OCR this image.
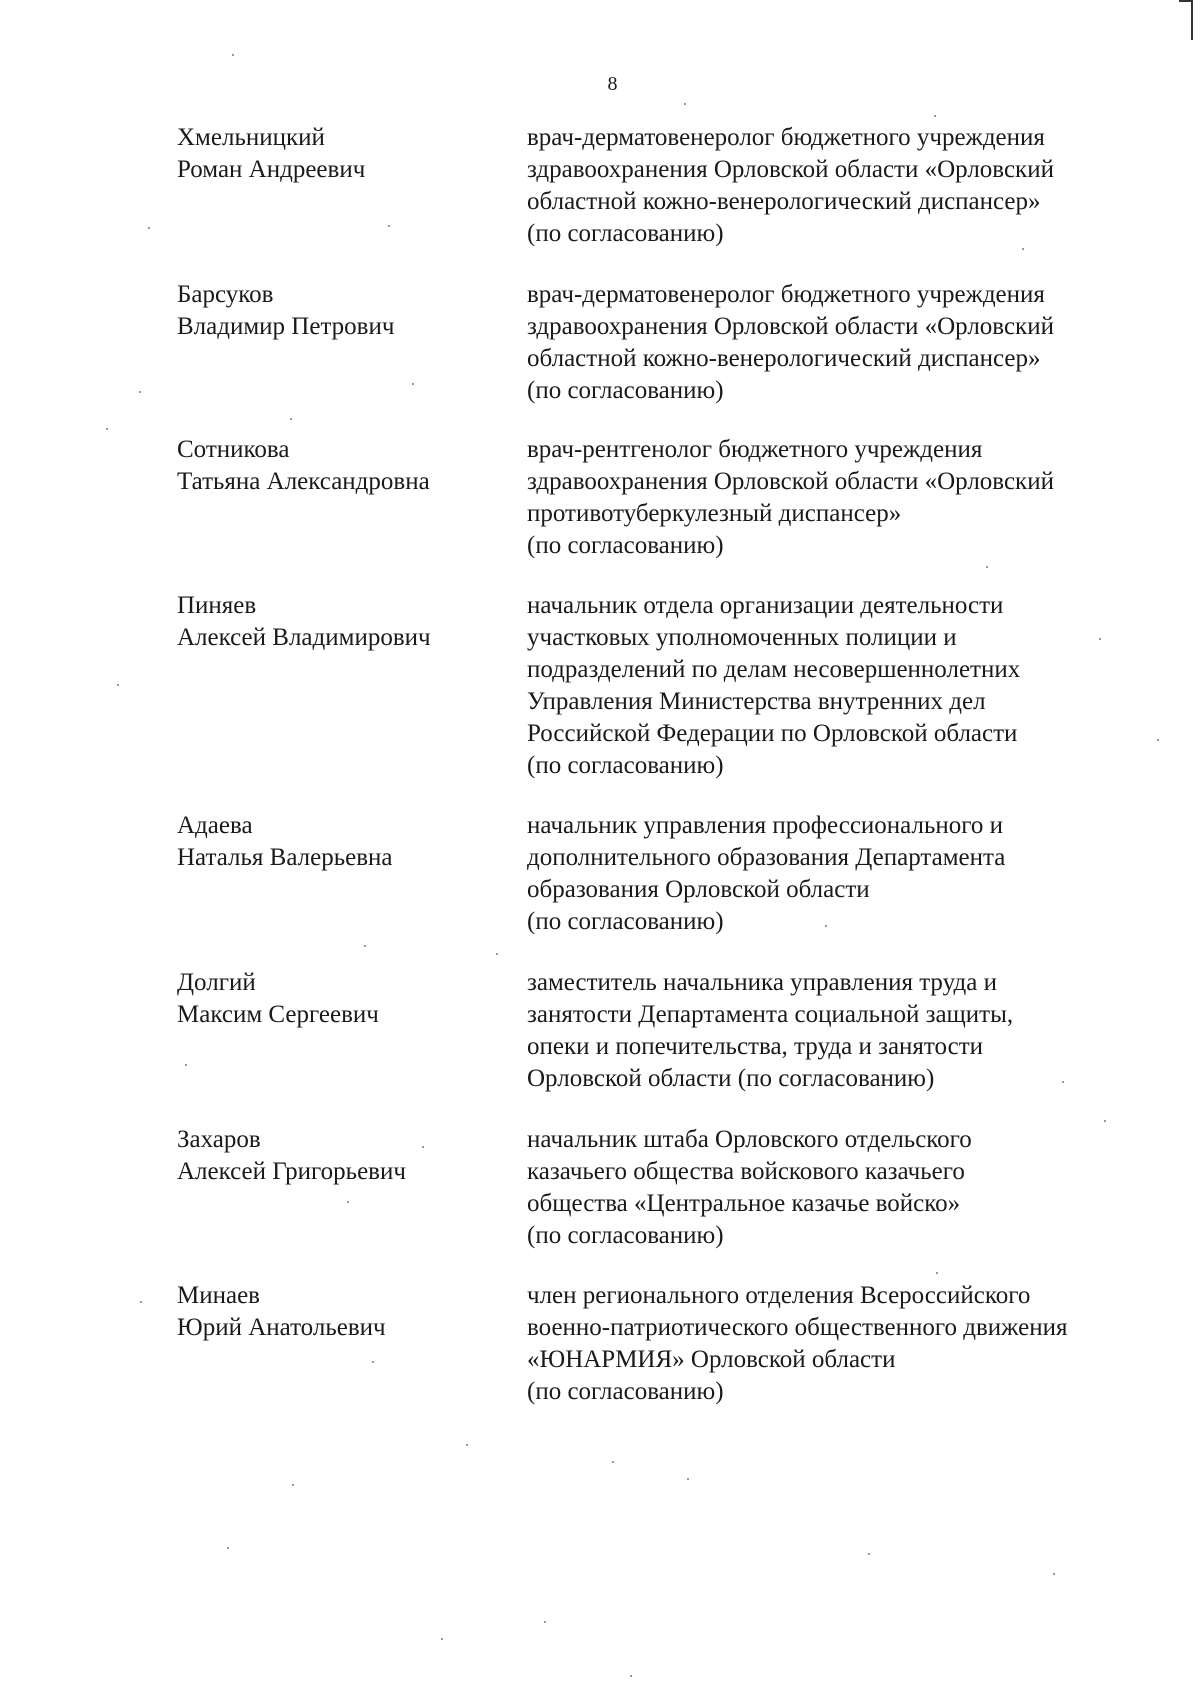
8
Хмельницкий
Роман Андреевич
врач-дерматовенеролог бюджетного учреждения
здравоохранения Орловской области «Орловский
областной кожно-венерологический диспансер»
(по согласованию)
Барсуков
Владимир Петрович
врач-дерматовенеролог бюджетного учреждения
здравоохранения Орловской области «Орловский
областной кожно-венерологический диспансер»
(по согласованию)
Сотникова
Татьяна Александровна
врач-рентгенолог бюджетного учреждения
здравоохранения Орловской области «Орловский
противотуберкулезный диспансер»
(по согласованию)
Пиняев
Алексей Владимирович
начальник отдела организации деятельности
участковых уполномоченных полиции и
подразделений по делам несовершеннолетних
Управления Министерства внутренних дел
Российской Федерации по Орловской области
(по согласованию)
Адаева
Наталья Валерьевна
начальник управления профессионального и
дополнительного образования Департамента
образования Орловской области
(по согласованию)
Долгий
Максим Сергеевич
заместитель начальника управления труда и
занятости Департамента социальной защиты,
опеки и попечительства, труда и занятости
Орловской области (по согласованию)
Захаров
Алексей Григорьевич
начальник штаба Орловского отдельского
казачьего общества войскового казачьего
общества «Центральное казачье войско»
(по согласованию)
Минаев
Юрий Анатольевич
член регионального отделения Всероссийского
военно-патриотического общественного движения
«ЮНАРМИЯ» Орловской области
(по согласованию)
